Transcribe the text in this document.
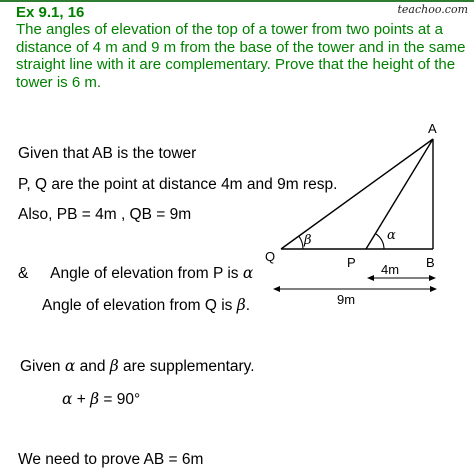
teachoo.com
Ex 9.1, 16
The angles of elevation of the top of a tower from two points at a
distance of 4 m and 9 m from the base of the tower and in the same
straight line with it are complementary. Prove that the height of the
tower is 6 m.
Given that AB is the tower
P, Q are the point at distance 4m and 9m resp.
Also, PB = 4m , QB = 9m
& Angle of elevation from P is α
Angle of elevation from Q is β.
Given α and β are supplementary.
α + β = 90°
We need to prove AB = 6m
A
B
P
Q
β	α
4m
9m
